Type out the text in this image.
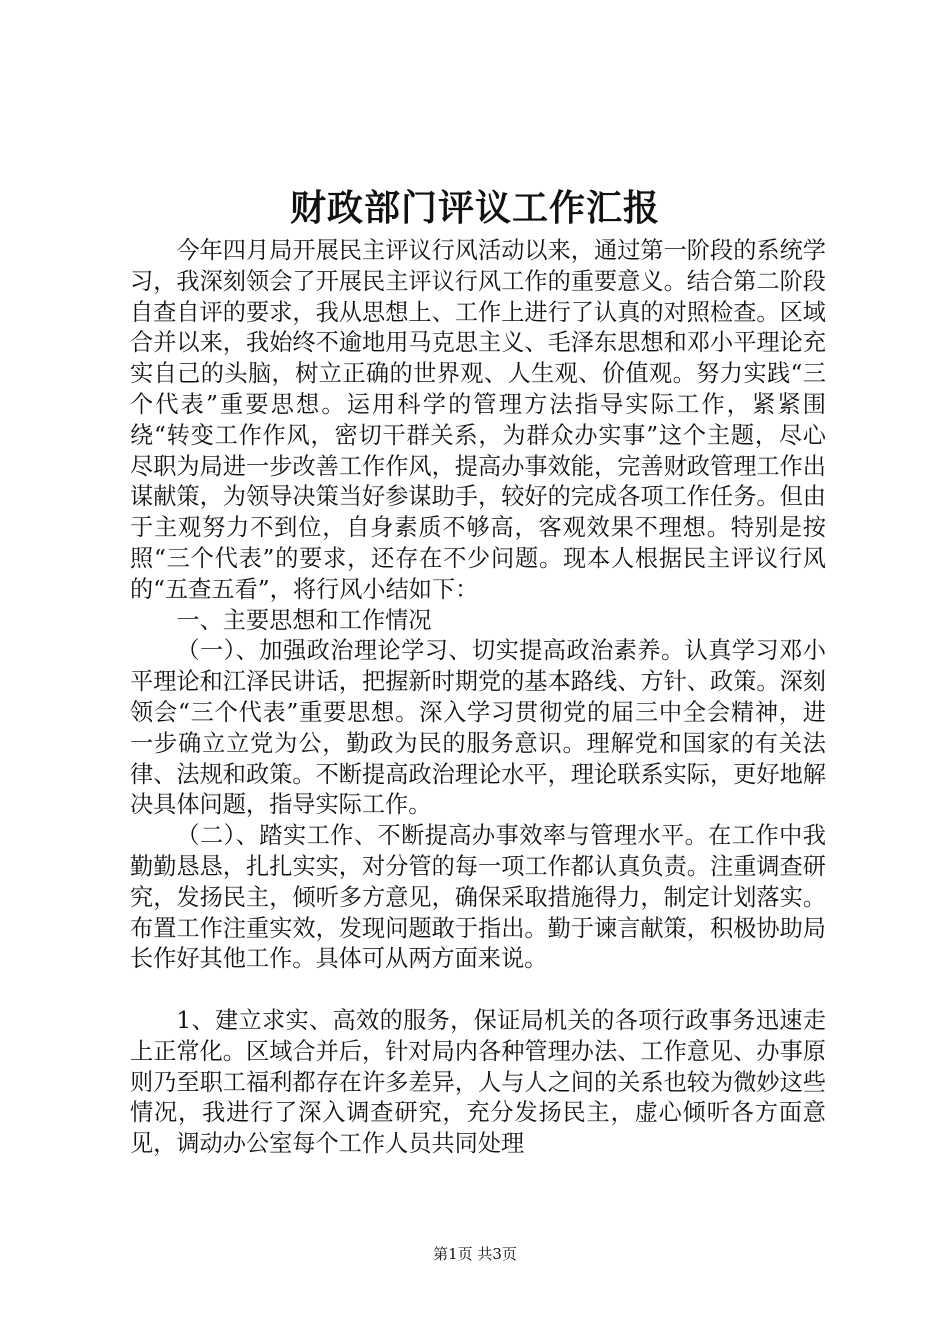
财政部门评议工作汇报

今年四月局开展民主评议行风活动以来，通过第一阶段的系统学习，我深刻领会了开展民主评议行风工作的重要意义。结合第二阶段自查自评的要求，我从思想上、工作上进行了认真的对照检查。区域合并以来，我始终不逾地用马克思主义、毛泽东思想和邓小平理论充实自己的头脑，树立正确的世界观、人生观、价值观。努力实践“三个代表”重要思想。运用科学的管理方法指导实际工作，紧紧围绕“转变工作作风，密切干群关系，为群众办实事”这个主题，尽心尽职为局进一步改善工作作风，提高办事效能，完善财政管理工作出谋献策，为领导决策当好参谋助手，较好的完成各项工作任务。但由于主观努力不到位，自身素质不够高，客观效果不理想。特别是按照“三个代表”的要求，还存在不少问题。现本人根据民主评议行风的“五查五看”，将行风小结如下：

一、主要思想和工作情况

（一）、加强政治理论学习、切实提高政治素养。认真学习邓小平理论和江泽民讲话，把握新时期党的基本路线、方针、政策。深刻领会“三个代表”重要思想。深入学习贯彻党的届三中全会精神，进一步确立立党为公，勤政为民的服务意识。理解党和国家的有关法律、法规和政策。不断提高政治理论水平，理论联系实际，更好地解决具体问题，指导实际工作。

（二）、踏实工作、不断提高办事效率与管理水平。在工作中我勤勤恳恳，扎扎实实，对分管的每一项工作都认真负责。注重调查研究，发扬民主，倾听多方意见，确保采取措施得力，制定计划落实。布置工作注重实效，发现问题敢于指出。勤于谏言献策，积极协助局长作好其他工作。具体可从两方面来说。

1、建立求实、高效的服务，保证局机关的各项行政事务迅速走上正常化。区域合并后，针对局内各种管理办法、工作意见、办事原则乃至职工福利都存在许多差异，人与人之间的关系也较为微妙这些情况，我进行了深入调查研究，充分发扬民主，虚心倾听各方面意见，调动办公室每个工作人员共同处理

第1页 共3页
